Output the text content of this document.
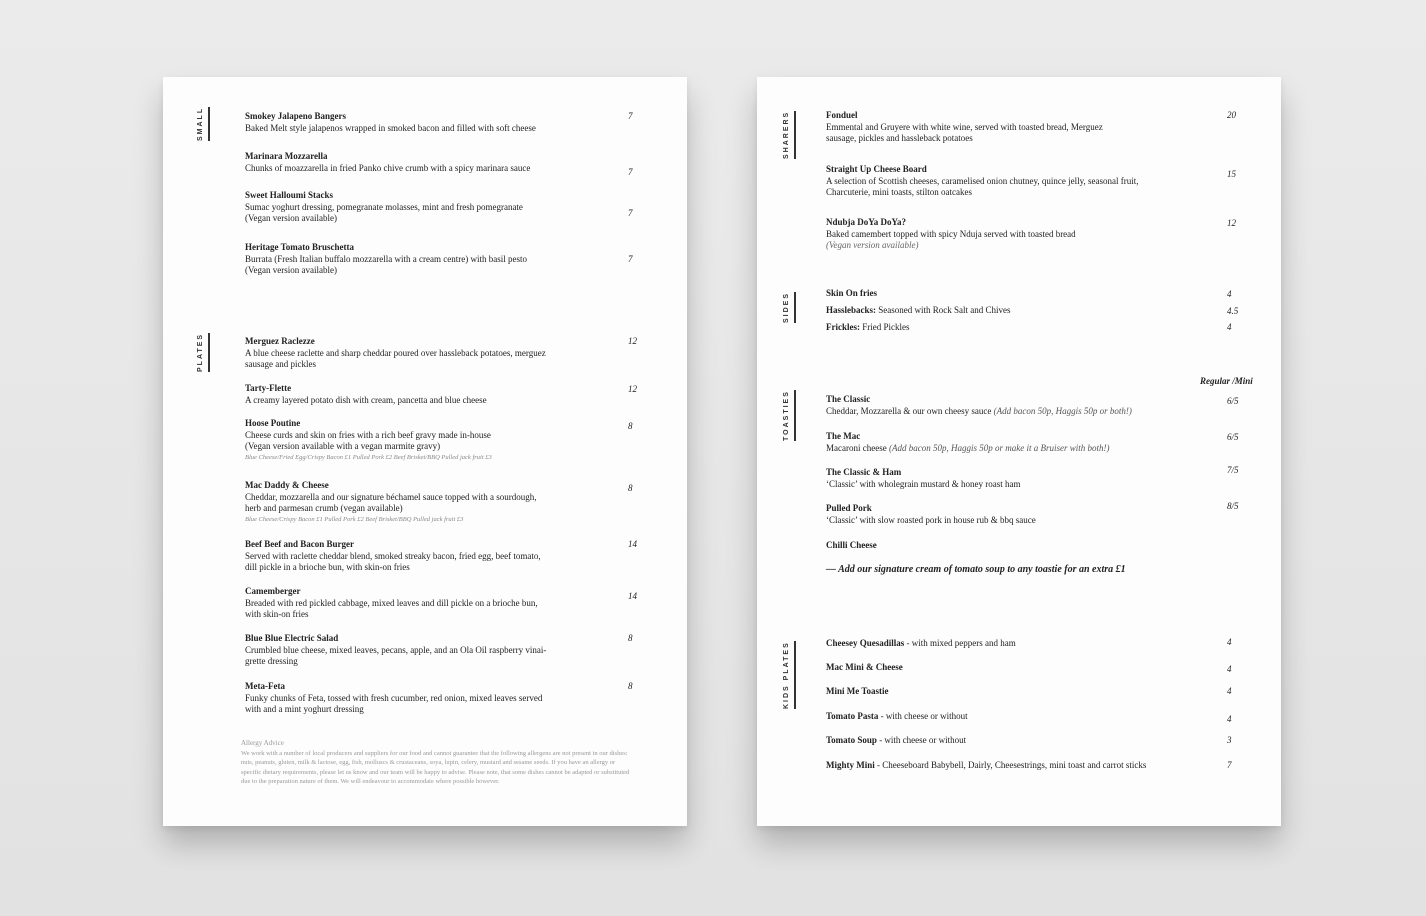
SMALL
PLATES
Smokey Jalapeno Bangers
Baked Melt style jalapenos wrapped in smoked bacon and filled with soft cheese
7
Marinara Mozzarella
Chunks of moazzarella in fried Panko chive crumb with a spicy marinara sauce	7
Sweet Halloumi Stacks
Sumac yoghurt dressing, pomegranate molasses, mint and fresh pomegranate
(Vegan version available)	7
Heritage Tomato Bruschetta
Burrata (Fresh Italian buffalo mozzarella with a cream centre) with basil pesto
(Vegan version available)
7
Merguez Raclezze
A blue cheese raclette and sharp cheddar poured over hassleback potatoes, merguez
sausage and pickles
12
Tarty-Flette
A creamy layered potato dish with cream, pancetta and blue cheese
12
Hoose Poutine
Cheese curds and skin on fries with a rich beef gravy made in-house
(Vegan version available with a vegan marmite gravy)
Blue Cheese/Fried Egg/Crispy Bacon £1 Pulled Pork £2 Beef Brisket/BBQ Pulled jack fruit £3
8
Mac Daddy & Cheese
Cheddar, mozzarella and our signature béchamel sauce topped with a sourdough,
herb and parmesan crumb (vegan available)
Blue Cheese/Crispy Bacon £1 Pulled Pork £2 Beef Brisket/BBQ Pulled jack fruit £3
8
Beef Beef and Bacon Burger
Served with raclette cheddar blend, smoked streaky bacon, fried egg, beef tomato,
dill pickle in a brioche bun, with skin-on fries
14
Camemberger
Breaded with red pickled cabbage, mixed leaves and dill pickle on a brioche bun,
with skin-on fries
14
Blue Blue Electric Salad
Crumbled blue cheese, mixed leaves, pecans, apple, and an Ola Oil raspberry vinai-
grette dressing
8
Meta-Feta
Funky chunks of Feta, tossed with fresh cucumber, red onion, mixed leaves served
with and a mint yoghurt dressing
8
Allergy Advice
We work with a number of local producers and suppliers for our food and cannot guarantee that the following allergens are not present in our dishes: nuts, peanuts, gluten, milk & lactose, egg, fish, molluscs & crustaceans, soya, lupin, celery, mustard and sesame seeds. If you have an allergy or specific dietary requirements, please let us know and our team will be happy to advise. Please note, that some dishes cannot be adapted or substituted due to the preparation nature of them. We will endeavour to accommodate where possible however.
SHARERS
SIDES
TOASTIES
KIDS PLATES
Fonduel
Emmental and Gruyere with white wine, served with toasted bread, Merguez
sausage, pickles and hassleback potatoes
20
Straight Up Cheese Board
A selection of Scottish cheeses, caramelised onion chutney, quince jelly, seasonal fruit,
Charcuterie, mini toasts, stilton oatcakes
15
Ndubja DoYa DoYa?
Baked camembert topped with spicy Nduja served with toasted bread
(Vegan version available)
12
Skin On fries	4
Hasslebacks: Seasoned with Rock Salt and Chives	4.5
Frickles: Fried Pickles	4
Regular /Mini
The Classic
Cheddar, Mozzarella & our own cheesy sauce (Add bacon 50p, Haggis 50p or both!)
6/5
The Mac
Macaroni cheese (Add bacon 50p, Haggis 50p or make it a Bruiser with both!)
6/5
The Classic & Ham
‘Classic’ with wholegrain mustard & honey roast ham
7/5
Pulled Pork
‘Classic’ with slow roasted pork in house rub & bbq sauce
8/5
Chilli Cheese
— Add our signature cream of tomato soup to any toastie for an extra £1
Cheesey Quesadillas - with mixed peppers and ham	4
Mac Mini & Cheese	4
Mini Me Toastie	4
Tomato Pasta - with cheese or without	4
Tomato Soup - with cheese or without	3
Mighty Mini - Cheeseboard Babybell, Dairly, Cheesestrings, mini toast and carrot sticks	7
